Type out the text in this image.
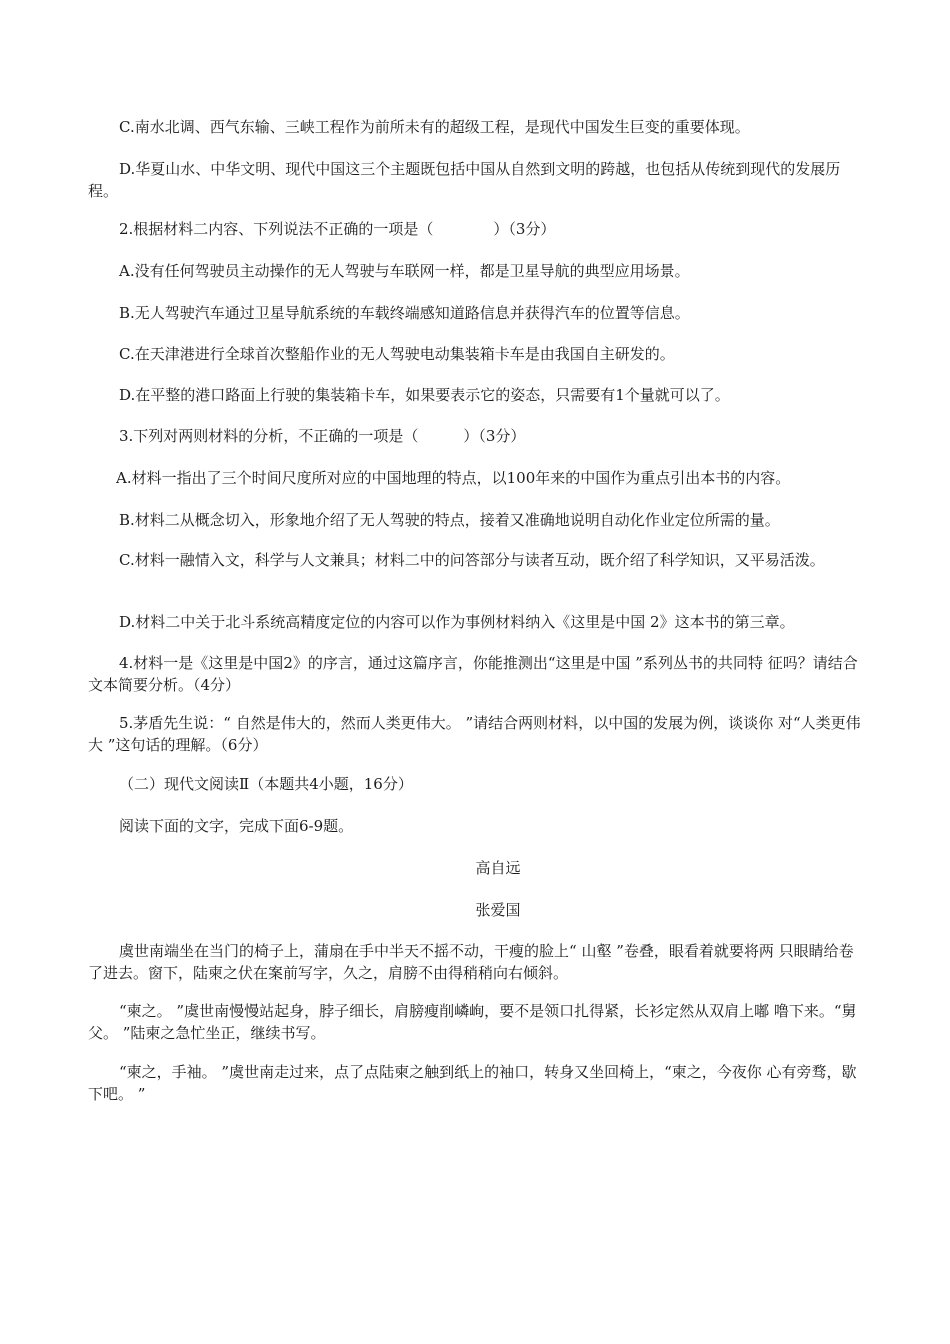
C.南水北调、西气东输、三峡工程作为前所未有的超级工程，是现代中国发生巨变的重要体现。

D.华夏山水、中华文明、现代中国这三个主题既包括中国从自然到文明的跨越，也包括从传统到现代的发展历程。

2.根据材料二内容、下列说法不正确的一项是（　　　　）（3分）

A.没有任何驾驶员主动操作的无人驾驶与车联网一样，都是卫星导航的典型应用场景。

B.无人驾驶汽车通过卫星导航系统的车载终端感知道路信息并获得汽车的位置等信息。

C.在天津港进行全球首次整船作业的无人驾驶电动集装箱卡车是由我国自主研发的。

D.在平整的港口路面上行驶的集装箱卡车，如果要表示它的姿态，只需要有1个量就可以了。

3.下列对两则材料的分析，不正确的一项是（　　　）（3分）

A.材料一指出了三个时间尺度所对应的中国地理的特点，以100年来的中国作为重点引出本书的内容。

B.材料二从概念切入，形象地介绍了无人驾驶的特点，接着又准确地说明自动化作业定位所需的量。

C.材料一融情入文，科学与人文兼具；材料二中的问答部分与读者互动，既介绍了科学知识，又平易活泼。

D.材料二中关于北斗系统高精度定位的内容可以作为事例材料纳入《这里是中国 2》这本书的第三章。

4.材料一是《这里是中国2》的序言，通过这篇序言，你能推测出“这里是中国 ”系列丛书的共同特 征吗？请结合文本简要分析。（4分）

5.茅盾先生说：“ 自然是伟大的，然而人类更伟大。 ”请结合两则材料，以中国的发展为例，谈谈你 对“人类更伟大 ”这句话的理解。（6分）

（二）现代文阅读Ⅱ（本题共4小题，16分）

阅读下面的文字，完成下面6-9题。

高自远

张爱国

虞世南端坐在当门的椅子上，蒲扇在手中半天不摇不动，干瘦的脸上“ 山壑 ”卷叠，眼看着就要将两 只眼睛给卷了进去。窗下，陆柬之伏在案前写字，久之，肩膀不由得稍稍向右倾斜。

“柬之。 ”虞世南慢慢站起身，脖子细长，肩膀瘦削嶙峋，要不是领口扎得紧，长衫定然从双肩上嘟 噜下来。“舅父。 ”陆柬之急忙坐正，继续书写。

“柬之，手袖。 ”虞世南走过来，点了点陆柬之触到纸上的袖口，转身又坐回椅上，“柬之，今夜你 心有旁骛，歇下吧。 ”
